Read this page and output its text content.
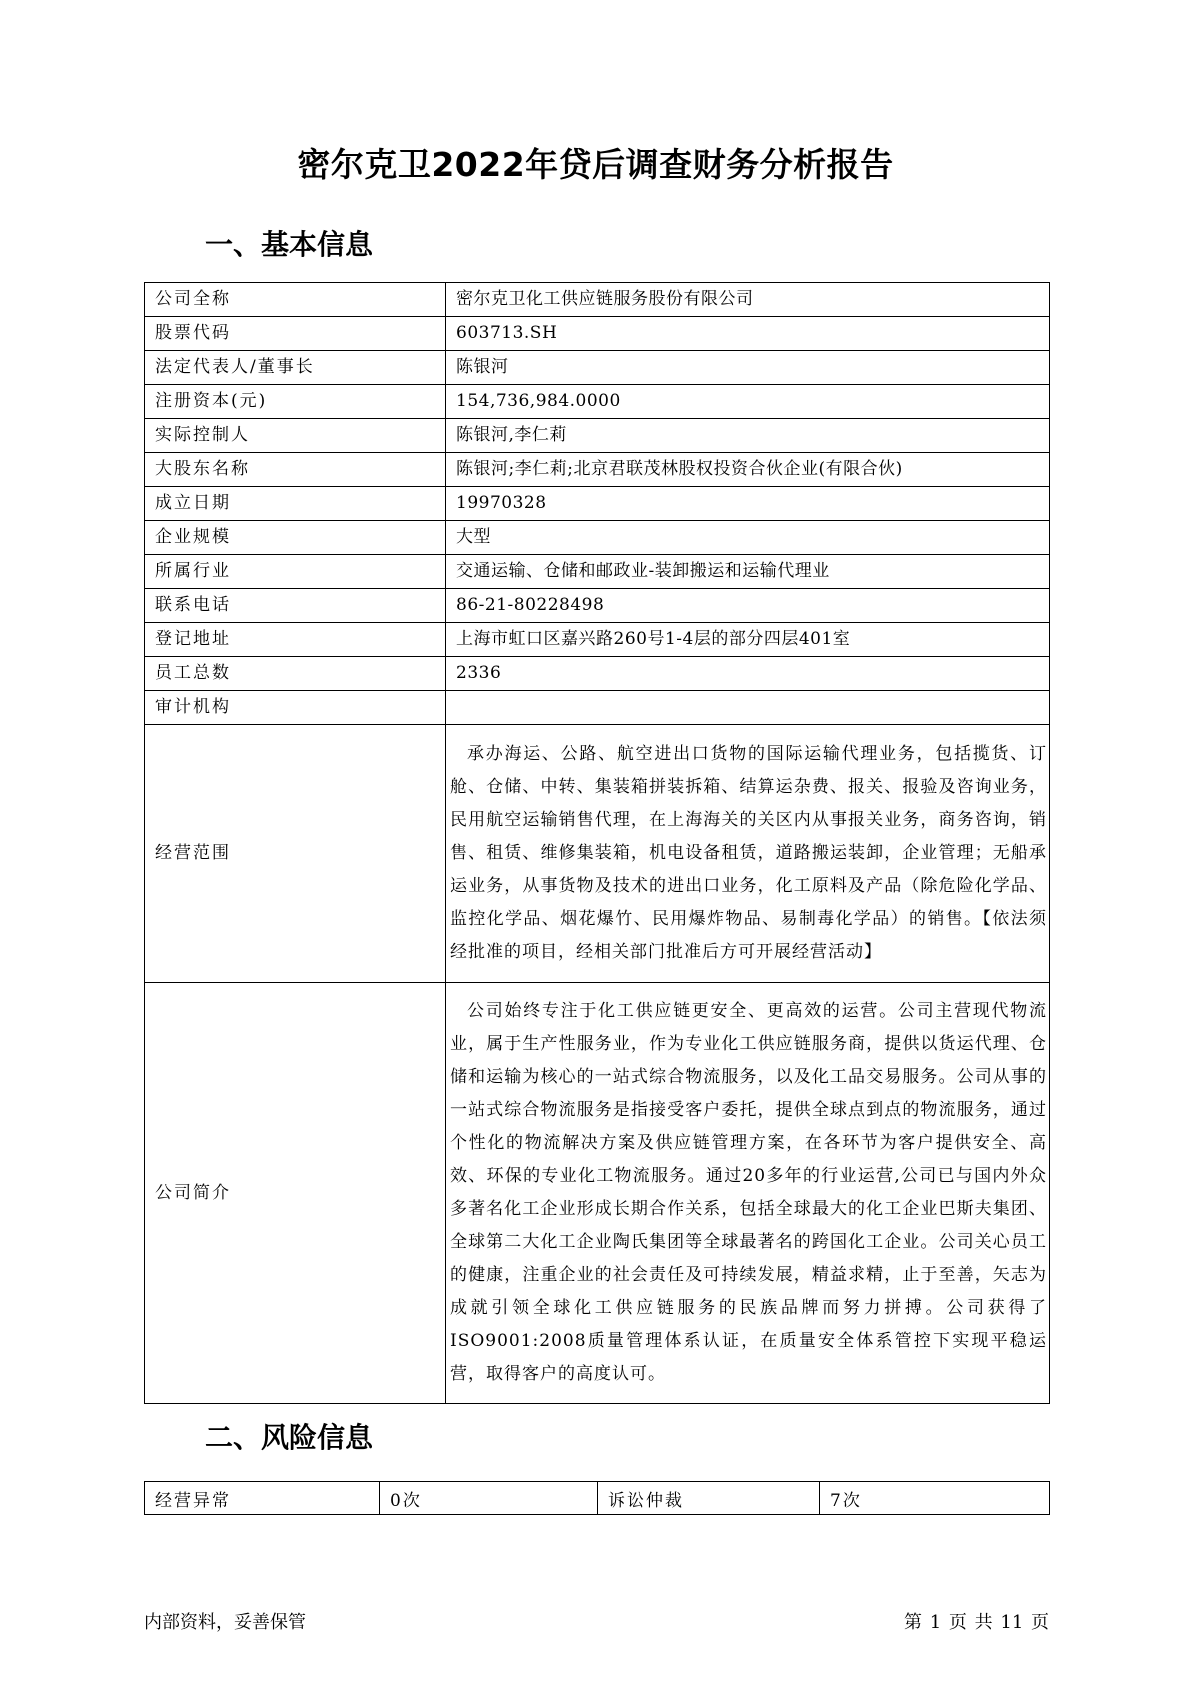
密尔克卫2022年贷后调查财务分析报告
一、基本信息
公司全称	密尔克卫化工供应链服务股份有限公司
股票代码	603713.SH
法定代表人/董事长	陈银河
注册资本(元)	154,736,984.0000
实际控制人	陈银河,李仁莉
大股东名称	陈银河;李仁莉;北京君联茂林股权投资合伙企业(有限合伙)
成立日期	19970328
企业规模	大型
所属行业	交通运输、仓储和邮政业-装卸搬运和运输代理业
联系电话	86-21-80228498
登记地址	上海市虹口区嘉兴路260号1-4层的部分四层401室
员工总数	2336
审计机构	
经营范围	承办海运、公路、航空进出口货物的国际运输代理业务，包括揽货、订舱、仓储、中转、集装箱拼装拆箱、结算运杂费、报关、报验及咨询业务，民用航空运输销售代理，在上海海关的关区内从事报关业务，商务咨询，销售、租赁、维修集装箱，机电设备租赁，道路搬运装卸，企业管理；无船承运业务，从事货物及技术的进出口业务，化工原料及产品（除危险化学品、监控化学品、烟花爆竹、民用爆炸物品、易制毒化学品）的销售。【依法须经批准的项目，经相关部门批准后方可开展经营活动】
公司简介	公司始终专注于化工供应链更安全、更高效的运营。公司主营现代物流业，属于生产性服务业，作为专业化工供应链服务商，提供以货运代理、仓储和运输为核心的一站式综合物流服务，以及化工品交易服务。公司从事的一站式综合物流服务是指接受客户委托，提供全球点到点的物流服务，通过个性化的物流解决方案及供应链管理方案，在各环节为客户提供安全、高效、环保的专业化工物流服务。通过20多年的行业运营,公司已与国内外众多著名化工企业形成长期合作关系，包括全球最大的化工企业巴斯夫集团、全球第二大化工企业陶氏集团等全球最著名的跨国化工企业。公司关心员工的健康，注重企业的社会责任及可持续发展，精益求精，止于至善，矢志为成就引领全球化工供应链服务的民族品牌而努力拼搏。公司获得了ISO9001:2008质量管理体系认证，在质量安全体系管控下实现平稳运营，取得客户的高度认可。
二、风险信息
经营异常	0次	诉讼仲裁	7次
内部资料，妥善保管	第 1 页 共 11 页
